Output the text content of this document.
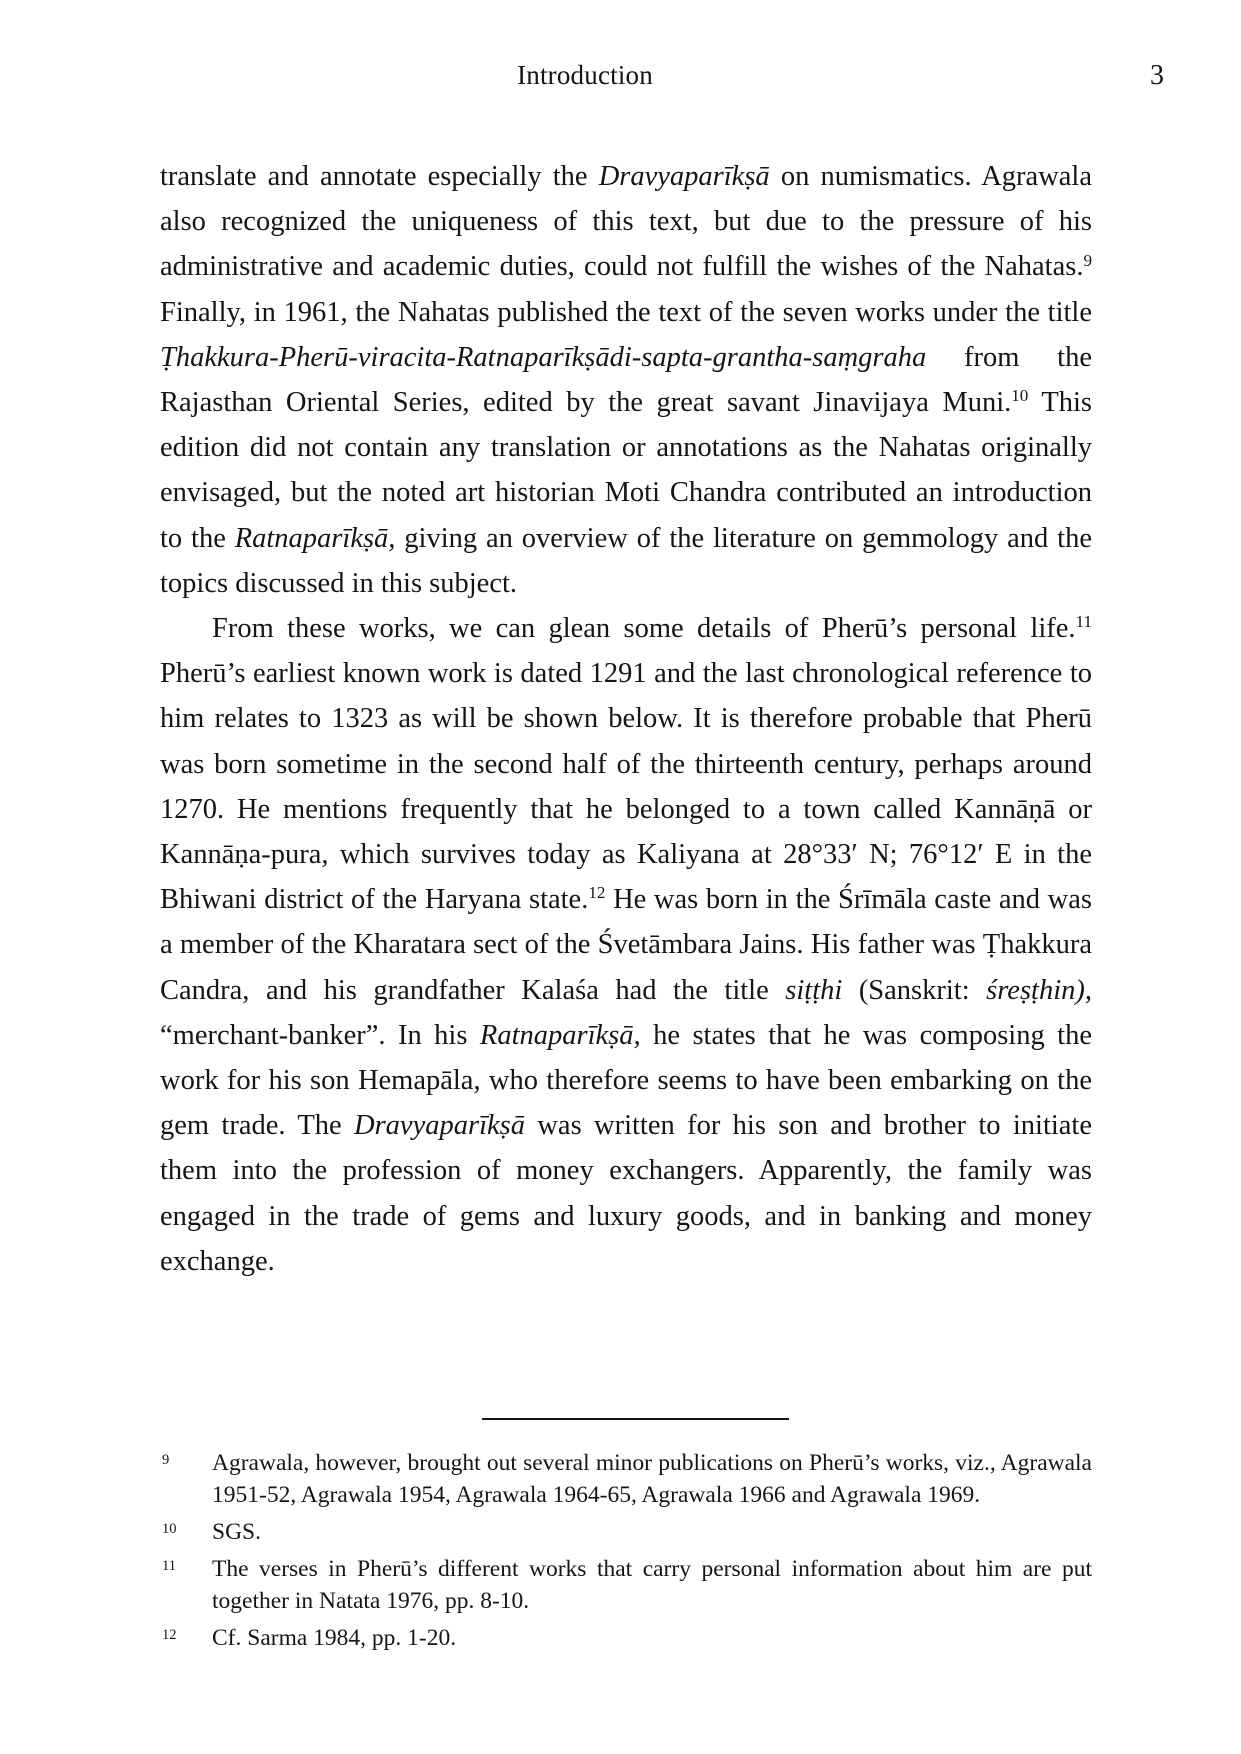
Introduction	3

translate and annotate especially the Dravyaparīkṣā on numismatics. Agrawala also recognized the uniqueness of this text, but due to the pressure of his administrative and academic duties, could not fulfill the wishes of the Nahatas.$^9$ Finally, in 1961, the Nahatas published the text of the seven works under the title Ṭhakkura-Pherū-viracita-Ratnaparīkṣādi-sapta-grantha-saṃgraha from the Rajasthan Oriental Series, edited by the great savant Jinavijaya Muni.$^{10}$ This edition did not contain any translation or annotations as the Nahatas originally envisaged, but the noted art historian Moti Chandra contributed an introduction to the Ratnaparīkṣā, giving an overview of the literature on gemmology and the topics discussed in this subject.

From these works, we can glean some details of Pherū’s personal life.$^{11}$ Pherū’s earliest known work is dated 1291 and the last chronological reference to him relates to 1323 as will be shown below. It is therefore probable that Pherū was born sometime in the second half of the thirteenth century, perhaps around 1270. He mentions frequently that he belonged to a town called Kannāṇā or Kannāṇa-pura, which survives today as Kaliyana at 28°33′ N; 76°12′ E in the Bhiwani district of the Haryana state.$^{12}$ He was born in the Śrīmāla caste and was a member of the Kharatara sect of the Śvetāmbara Jains. His father was Ṭhakkura Candra, and his grandfather Kalaśa had the title siṭṭhi (Sanskrit: śreṣṭhin), “merchant-banker”. In his Ratnaparīkṣā, he states that he was composing the work for his son Hemapāla, who therefore seems to have been embarking on the gem trade. The Dravyaparīkṣā was written for his son and brother to initiate them into the profession of money exchangers. Apparently, the family was engaged in the trade of gems and luxury goods, and in banking and money exchange.

9	Agrawala, however, brought out several minor publications on Pherū’s works, viz., Agrawala 1951-52, Agrawala 1954, Agrawala 1964-65, Agrawala 1966 and Agrawala 1969.
10	SGS.
11	The verses in Pherū’s different works that carry personal information about him are put together in Natata 1976, pp. 8-10.
12	Cf. Sarma 1984, pp. 1-20.
